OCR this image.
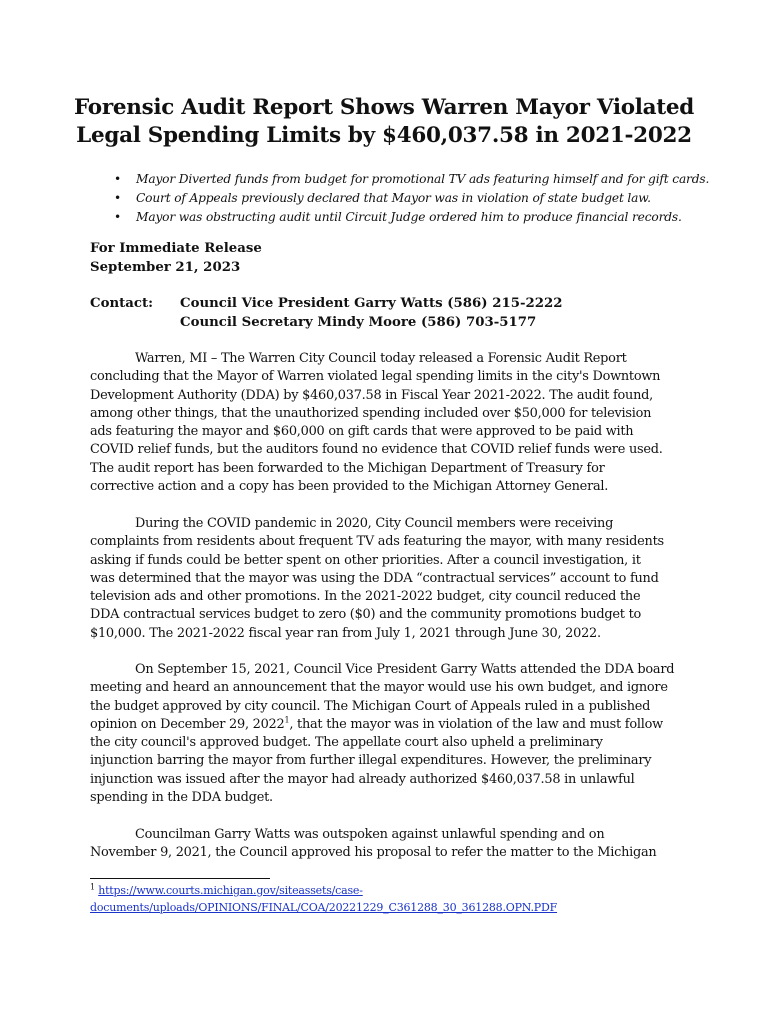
Forensic Audit Report Shows Warren Mayor Violated
Legal Spending Limits by $460,037.58 in 2021-2022
• Mayor Diverted funds from budget for promotional TV ads featuring himself and for gift cards.
• Court of Appeals previously declared that Mayor was in violation of state budget law.
• Mayor was obstructing audit until Circuit Judge ordered him to produce financial records.
For Immediate Release
September 21, 2023
Contact: Council Vice President Garry Watts (586) 215-2222
Council Secretary Mindy Moore (586) 703-5177
Warren, MI – The Warren City Council today released a Forensic Audit Report
concluding that the Mayor of Warren violated legal spending limits in the city's Downtown
Development Authority (DDA) by $460,037.58 in Fiscal Year 2021-2022. The audit found,
among other things, that the unauthorized spending included over $50,000 for television
ads featuring the mayor and $60,000 on gift cards that were approved to be paid with
COVID relief funds, but the auditors found no evidence that COVID relief funds were used.
The audit report has been forwarded to the Michigan Department of Treasury for
corrective action and a copy has been provided to the Michigan Attorney General.
During the COVID pandemic in 2020, City Council members were receiving
complaints from residents about frequent TV ads featuring the mayor, with many residents
asking if funds could be better spent on other priorities. After a council investigation, it
was determined that the mayor was using the DDA “contractual services” account to fund
television ads and other promotions. In the 2021-2022 budget, city council reduced the
DDA contractual services budget to zero ($0) and the community promotions budget to
$10,000. The 2021-2022 fiscal year ran from July 1, 2021 through June 30, 2022.
On September 15, 2021, Council Vice President Garry Watts attended the DDA board
meeting and heard an announcement that the mayor would use his own budget, and ignore
the budget approved by city council. The Michigan Court of Appeals ruled in a published
opinion on December 29, 2022$^1$, that the mayor was in violation of the law and must follow
the city council's approved budget. The appellate court also upheld a preliminary
injunction barring the mayor from further illegal expenditures. However, the preliminary
injunction was issued after the mayor had already authorized $460,037.58 in unlawful
spending in the DDA budget.
Councilman Garry Watts was outspoken against unlawful spending and on
November 9, 2021, the Council approved his proposal to refer the matter to the Michigan
$^1$ https://www.courts.michigan.gov/siteassets/case-
documents/uploads/OPINIONS/FINAL/COA/20221229_C361288_30_361288.OPN.PDF
